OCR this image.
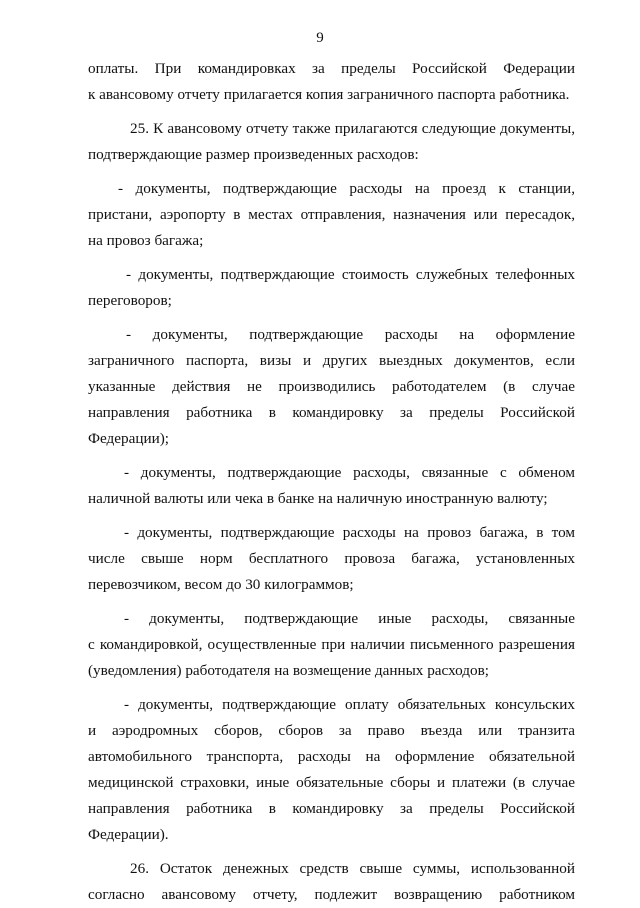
9
оплаты. При командировках за пределы Российской Федерации
к авансовому отчету прилагается копия заграничного паспорта работника.
25. К авансовому отчету также прилагаются следующие документы,
подтверждающие размер произведенных расходов:
- документы, подтверждающие расходы на проезд к станции,
пристани, аэропорту в местах отправления, назначения или пересадок,
на провоз багажа;
- документы, подтверждающие стоимость служебных телефонных
переговоров;
- документы, подтверждающие расходы на оформление
заграничного паспорта, визы и других выездных документов, если
указанные действия не производились работодателем (в случае
направления работника в командировку за пределы Российской
Федерации);
- документы, подтверждающие расходы, связанные с обменом
наличной валюты или чека в банке на наличную иностранную валюту;
- документы, подтверждающие расходы на провоз багажа, в том
числе свыше норм бесплатного провоза багажа, установленных
перевозчиком, весом до 30 килограммов;
- документы, подтверждающие иные расходы, связанные
с командировкой, осуществленные при наличии письменного разрешения
(уведомления) работодателя на возмещение данных расходов;
- документы, подтверждающие оплату обязательных консульских
и аэродромных сборов, сборов за право въезда или транзита
автомобильного транспорта, расходы на оформление обязательной
медицинской страховки, иные обязательные сборы и платежи (в случае
направления работника в командировку за пределы Российской
Федерации).
26. Остаток денежных средств свыше суммы, использованной
согласно авансовому отчету, подлежит возвращению работником
